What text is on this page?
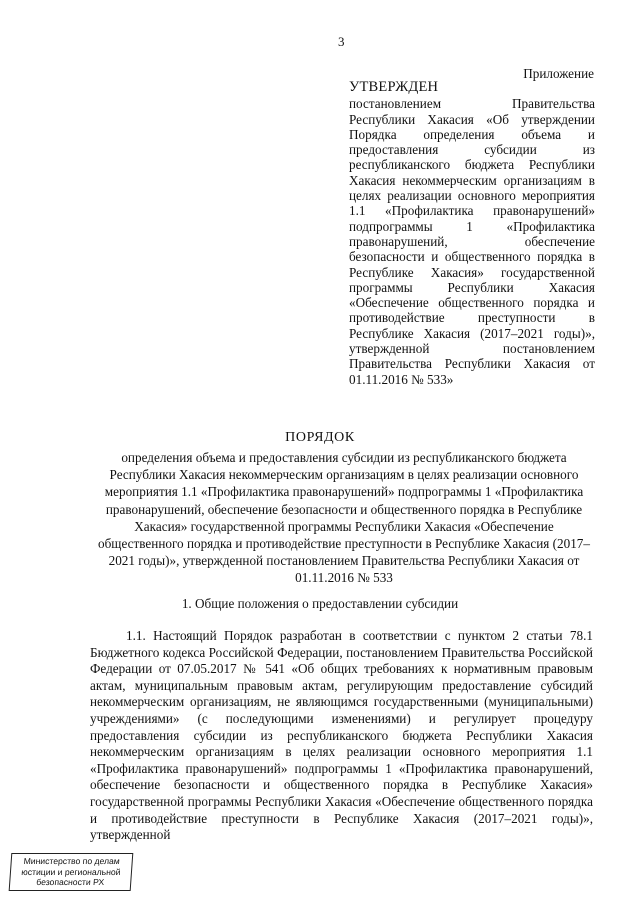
3
Приложение
УТВЕРЖДЕН
постановлением Правительства Республики Хакасия «Об утверждении Порядка определения объема и предоставления субсидии из республиканского бюджета Республики Хакасия некоммерческим организациям в целях реализации основного мероприятия 1.1 «Профилактика правонарушений» подпрограммы 1 «Профилактика правонарушений, обеспечение безопасности и общественного порядка в Республике Хакасия» государственной программы Республики Хакасия «Обеспечение общественного порядка и противодействие преступности в Республике Хакасия (2017–2021 годы)», утвержденной постановлением Правительства Республики Хакасия от 01.11.2016 № 533»
ПОРЯДОК
определения объема и предоставления субсидии из республиканского бюджета Республики Хакасия некоммерческим организациям в целях реализации основного мероприятия 1.1 «Профилактика правонарушений» подпрограммы 1 «Профилактика правонарушений, обеспечение безопасности и общественного порядка в Республике Хакасия» государственной программы Республики Хакасия «Обеспечение общественного порядка и противодействие преступности в Республике Хакасия (2017–2021 годы)», утвержденной постановлением Правительства Республики Хакасия от 01.11.2016 № 533
1. Общие положения о предоставлении субсидии
1.1. Настоящий Порядок разработан в соответствии с пунктом 2 статьи 78.1 Бюджетного кодекса Российской Федерации, постановлением Правительства Российской Федерации от 07.05.2017 № 541 «Об общих требованиях к нормативным правовым актам, муниципальным правовым актам, регулирующим предоставление субсидий некоммерческим организациям, не являющимся государственными (муниципальными) учреждениями» (с последующими изменениями) и регулирует процедуру предоставления субсидии из республиканского бюджета Республики Хакасия некоммерческим организациям в целях реализации основного мероприятия 1.1 «Профилактика правонарушений» подпрограммы 1 «Профилактика правонарушений, обеспечение безопасности и общественного порядка в Республике Хакасия» государственной программы Республики Хакасия «Обеспечение общественного порядка и противодействие преступности в Республике Хакасия (2017–2021 годы)», утвержденной
Министерство по делам юстиции и региональной безопасности РХ
